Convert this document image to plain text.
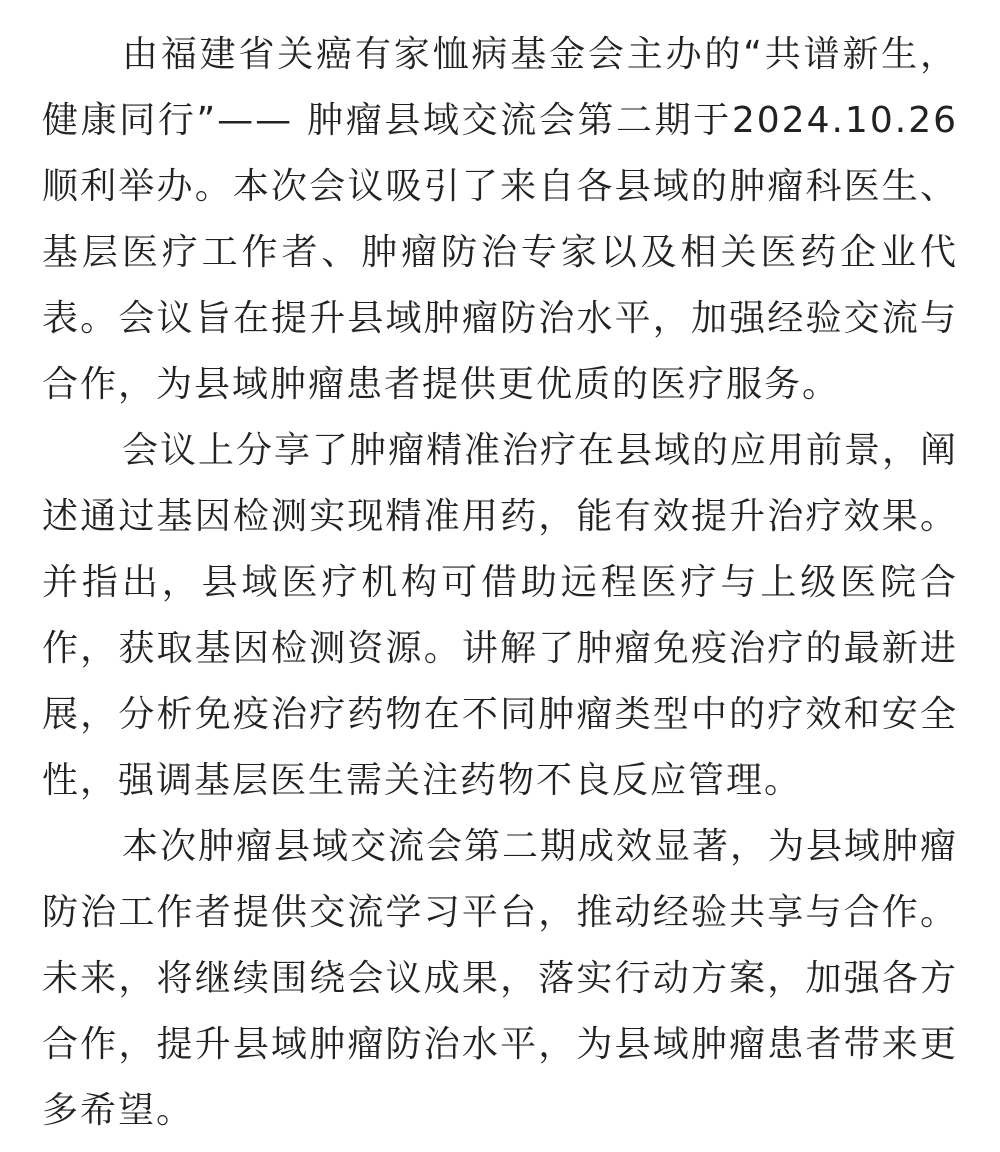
由福建省关癌有家恤病基金会主办的“共谱新生，健康同行”—— 肿瘤县域交流会第二期于2024.10.26顺利举办。本次会议吸引了来自各县域的肿瘤科医生、基层医疗工作者、肿瘤防治专家以及相关医药企业代表。会议旨在提升县域肿瘤防治水平，加强经验交流与合作，为县域肿瘤患者提供更优质的医疗服务。

会议上分享了肿瘤精准治疗在县域的应用前景，阐述通过基因检测实现精准用药，能有效提升治疗效果。并指出，县域医疗机构可借助远程医疗与上级医院合作，获取基因检测资源。讲解了肿瘤免疫治疗的最新进展，分析免疫治疗药物在不同肿瘤类型中的疗效和安全性，强调基层医生需关注药物不良反应管理。

本次肿瘤县域交流会第二期成效显著，为县域肿瘤防治工作者提供交流学习平台，推动经验共享与合作。未来，将继续围绕会议成果，落实行动方案，加强各方合作，提升县域肿瘤防治水平，为县域肿瘤患者带来更多希望。
